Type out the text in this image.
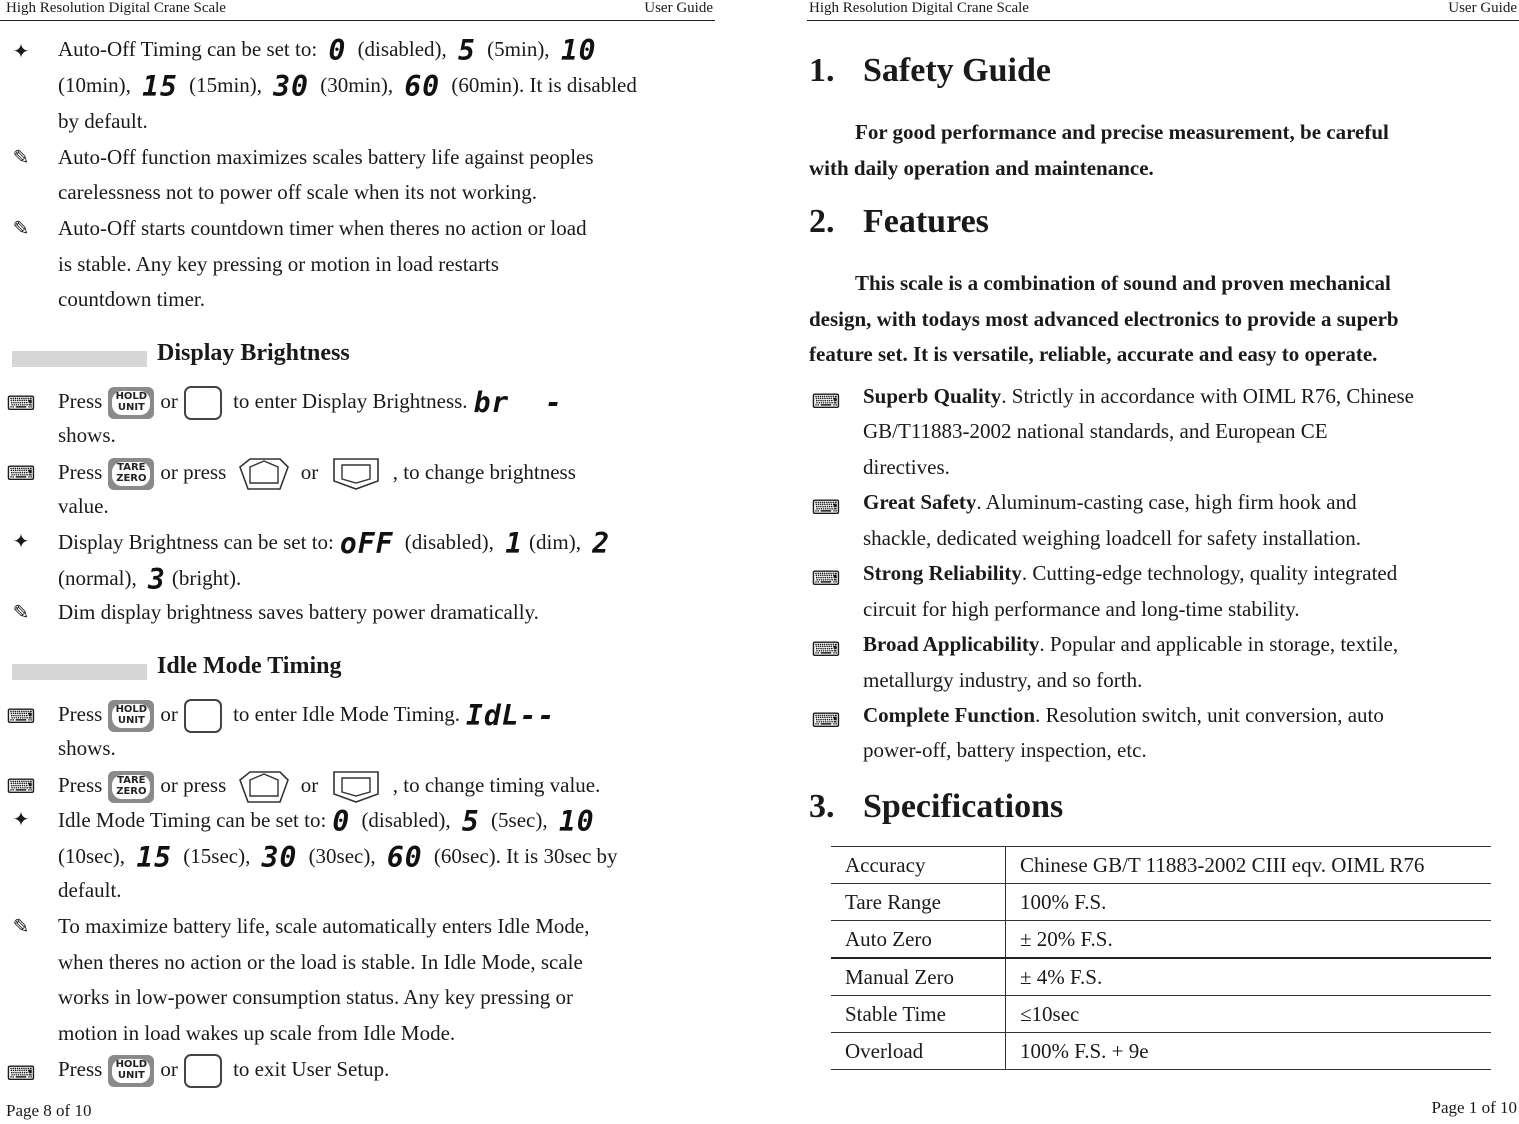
High Resolution Digital Crane Scale	User Guide
✦	Auto-Off Timing can be set to: 0 (disabled), 5 (5min), 10
(10min), 15 (15min), 30 (30min), 60 (60min). It is disabled
by default.
✎	Auto-Off function maximizes scales battery life against peoples
carelessness not to power off scale when its not working.
✎	Auto-Off starts countdown timer when theres no action or load
is stable. Any key pressing or motion in load restarts
countdown timer.
Display Brightness
⌨ Press	HOLD
UNIT or	to enter Display Brightness. br  -
shows.
⌨ Press	TARE
ZERO or press	or	, to change brightness
value.
✦	Display Brightness can be set to: oFF (disabled), 1 (dim), 2
(normal), 3 (bright).
✎	Dim display brightness saves battery power dramatically.
Idle Mode Timing
⌨ Press	HOLD
UNIT or	to enter Idle Mode Timing. IdL--
shows.
⌨ Press	TARE
ZERO or press	or	, to change timing value.
✦	Idle Mode Timing can be set to: 0 (disabled), 5 (5sec), 10
(10sec), 15 (15sec), 30 (30sec), 60 (60sec). It is 30sec by
default.
✎	To maximize battery life, scale automatically enters Idle Mode,
when theres no action or the load is stable. In Idle Mode, scale
works in low-power consumption status. Any key pressing or
motion in load wakes up scale from Idle Mode.
⌨ Press	HOLD
UNIT or	to exit User Setup.
Page 8 of 10
High Resolution Digital Crane Scale	User Guide
1. Safety Guide
For good performance and precise measurement, be careful
with daily operation and maintenance.
2. Features
This scale is a combination of sound and proven mechanical
design, with todays most advanced electronics to provide a superb
feature set. It is versatile, reliable, accurate and easy to operate.
⌨ Superb Quality. Strictly in accordance with OIML R76, Chinese
GB/T11883-2002 national standards, and European CE
directives.
⌨ Great Safety. Aluminum-casting case, high firm hook and
shackle, dedicated weighing loadcell for safety installation.
⌨ Strong Reliability. Cutting-edge technology, quality integrated
circuit for high performance and long-time stability.
⌨ Broad Applicability. Popular and applicable in storage, textile,
metallurgy industry, and so forth.
⌨ Complete Function. Resolution switch, unit conversion, auto
power-off, battery inspection, etc.
3. Specifications
Accuracy	Chinese GB/T 11883-2002 CIII eqv. OIML R76
Tare Range	100% F.S.
Auto Zero	± 20% F.S.
Manual Zero	± 4% F.S.
Stable Time	≤10sec
Overload	100% F.S. + 9e
Page 1 of 10
